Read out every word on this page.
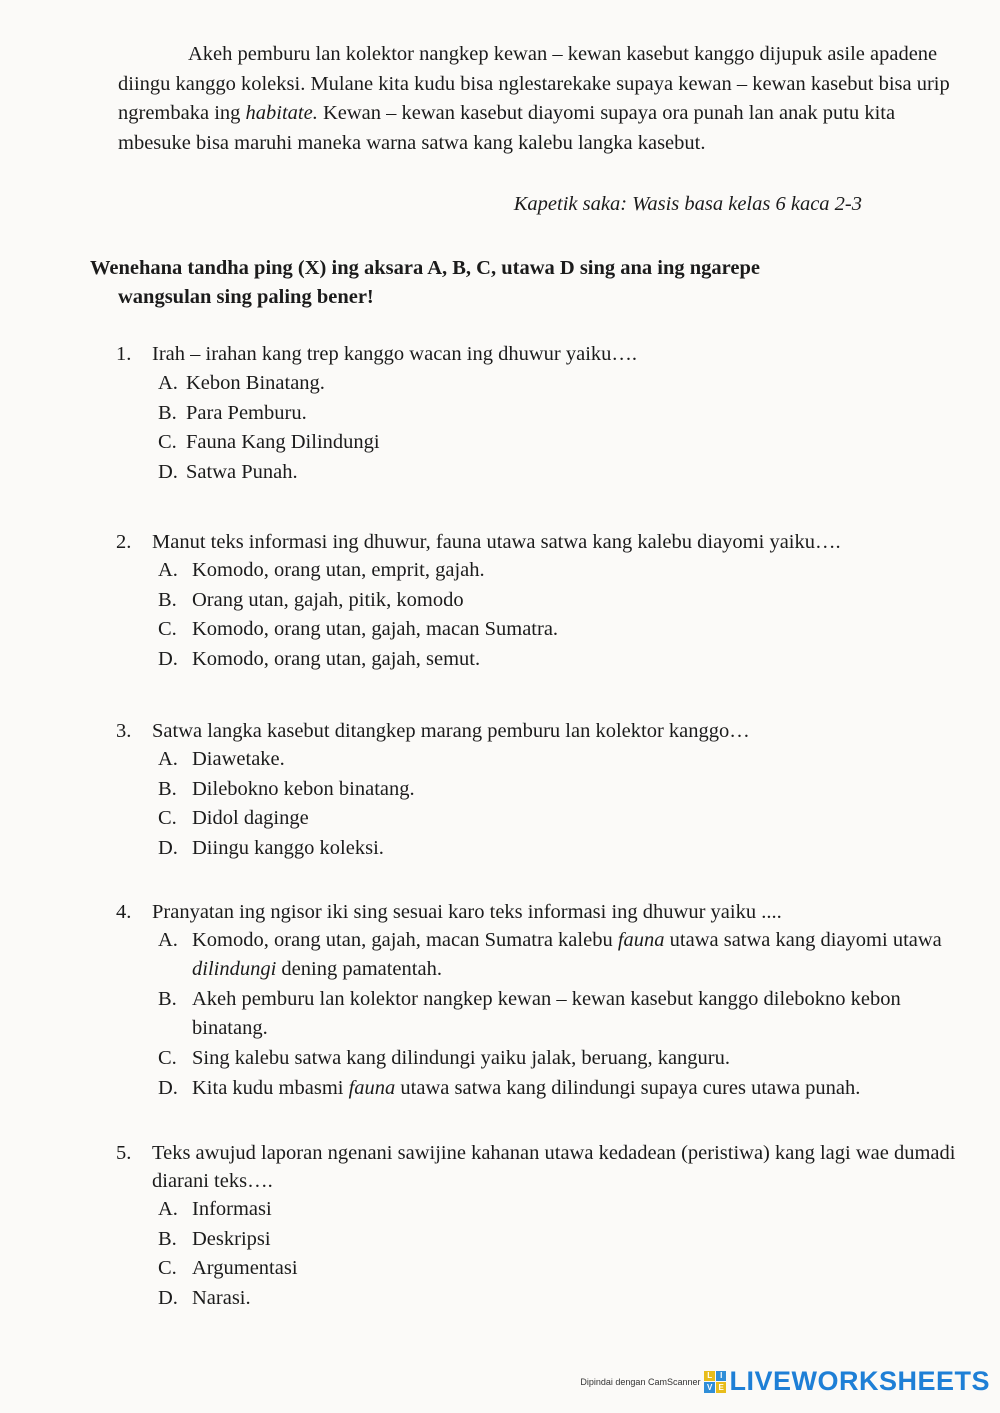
Akeh pemburu lan kolektor nangkep kewan – kewan kasebut kanggo dijupuk asile apadene diingu kanggo koleksi. Mulane kita kudu bisa nglestarekake supaya kewan – kewan kasebut bisa urip ngrembaka ing habitate. Kewan – kewan kasebut diayomi supaya ora punah lan anak putu kita mbesuke bisa maruhi maneka warna satwa kang kalebu langka kasebut.

Kapetik saka: Wasis basa kelas 6 kaca 2-3

Wenehana tandha ping (X) ing aksara A, B, C, utawa D sing ana ing ngarepe
wangsulan sing paling bener!

1.	Irah – irahan kang trep kanggo wacan ing dhuwur yaiku….
A. Kebon Binatang.
B. Para Pemburu.
C. Fauna Kang Dilindungi
D. Satwa Punah.
2.	Manut teks informasi ing dhuwur, fauna utawa satwa kang kalebu diayomi yaiku….
A. Komodo, orang utan, emprit, gajah.
B. Orang utan, gajah, pitik, komodo
C. Komodo, orang utan, gajah, macan Sumatra.
D. Komodo, orang utan, gajah, semut.
3.	Satwa langka kasebut ditangkep marang pemburu lan kolektor kanggo…
A. Diawetake.
B. Dilebokno kebon binatang.
C. Didol daginge
D. Diingu kanggo koleksi.
4.	Pranyatan ing ngisor iki sing sesuai karo teks informasi ing dhuwur yaiku ....
A. Komodo, orang utan, gajah, macan Sumatra kalebu fauna utawa satwa kang diayomi utawa dilindungi dening pamatentah.
B. Akeh pemburu lan kolektor nangkep kewan – kewan kasebut kanggo dilebokno kebon binatang.
C. Sing kalebu satwa kang dilindungi yaiku jalak, beruang, kanguru.
D. Kita kudu mbasmi fauna utawa satwa kang dilindungi supaya cures utawa punah.
5.	Teks awujud laporan ngenani sawijine kahanan utawa kedadean (peristiwa) kang lagi wae dumadi diarani teks….
A. Informasi
B. Deskripsi
C. Argumentasi
D. Narasi.
Dipindai dengan CamScanner
L I
V E LIVEWORKSHEETS
